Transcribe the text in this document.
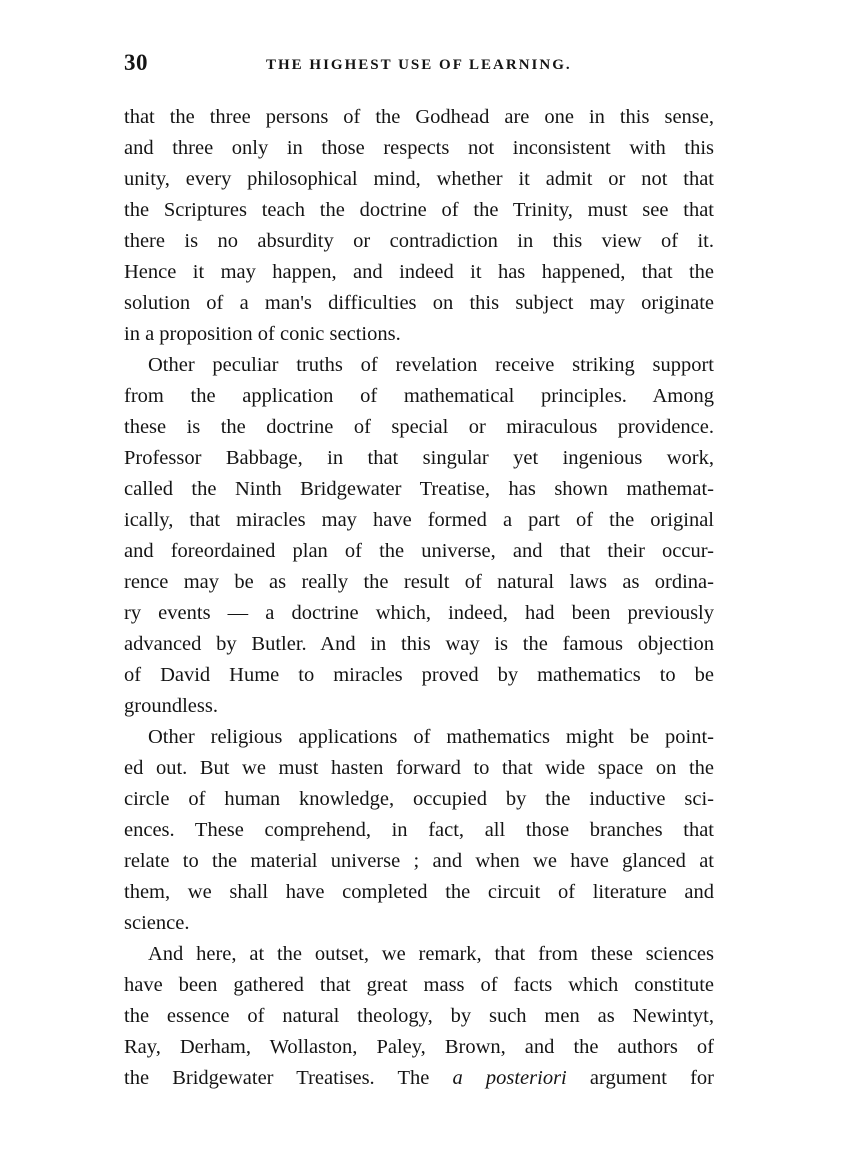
30	THE HIGHEST USE OF LEARNING.
that the three persons of the Godhead are one in this sense,
and three only in those respects not inconsistent with this
unity, every philosophical mind, whether it admit or not that
the Scriptures teach the doctrine of the Trinity, must see that
there is no absurdity or contradiction in this view of it.
Hence it may happen, and indeed it has happened, that the
solution of a man's difficulties on this subject may originate
in a proposition of conic sections.
Other peculiar truths of revelation receive striking support
from the application of mathematical principles. Among
these is the doctrine of special or miraculous providence.
Professor Babbage, in that singular yet ingenious work,
called the Ninth Bridgewater Treatise, has shown mathemat-
ically, that miracles may have formed a part of the original
and foreordained plan of the universe, and that their occur-
rence may be as really the result of natural laws as ordina-
ry events — a doctrine which, indeed, had been previously
advanced by Butler. And in this way is the famous objection
of David Hume to miracles proved by mathematics to be
groundless.
Other religious applications of mathematics might be point-
ed out. But we must hasten forward to that wide space on the
circle of human knowledge, occupied by the inductive sci-
ences. These comprehend, in fact, all those branches that
relate to the material universe ; and when we have glanced at
them, we shall have completed the circuit of literature and
science.
And here, at the outset, we remark, that from these sciences
have been gathered that great mass of facts which constitute
the essence of natural theology, by such men as Newintyt,
Ray, Derham, Wollaston, Paley, Brown, and the authors of
the Bridgewater Treatises. The a posteriori argument for
